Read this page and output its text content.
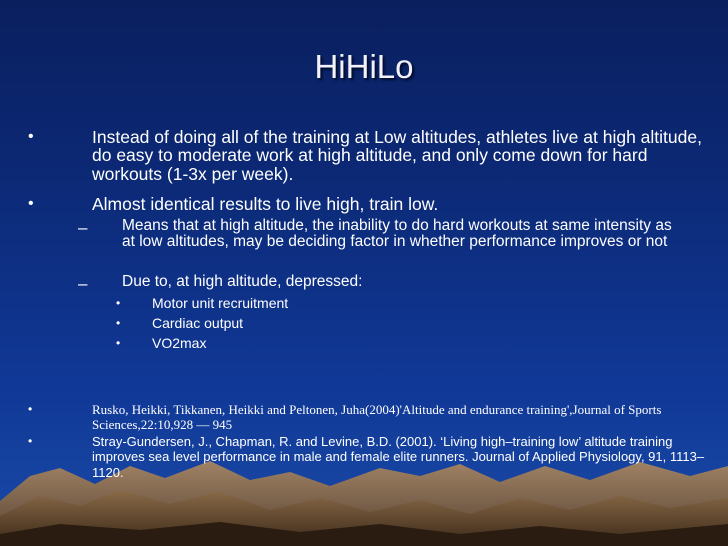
HiHiLo
•	Instead of doing all of the training at Low altitudes, athletes live at high altitude, do easy to moderate work at high altitude, and only come down for hard workouts (1-3x per week).
•	Almost identical results to live high, train low.
– Means that at high altitude, the inability to do hard workouts at same intensity as at low altitudes, may be deciding factor in whether performance improves or not
– Due to, at high altitude, depressed:
• Motor unit recruitment
• Cardiac output
• VO2max
•	Rusko, Heikki, Tikkanen, Heikki and Peltonen, Juha(2004)'Altitude and endurance training',Journal of Sports Sciences,22:10,928 — 945
•	Stray-Gundersen, J., Chapman, R. and Levine, B.D. (2001). ‘Living high–training low’ altitude training improves sea level performance in male and female elite runners. Journal of Applied Physiology, 91, 1113–1120.
